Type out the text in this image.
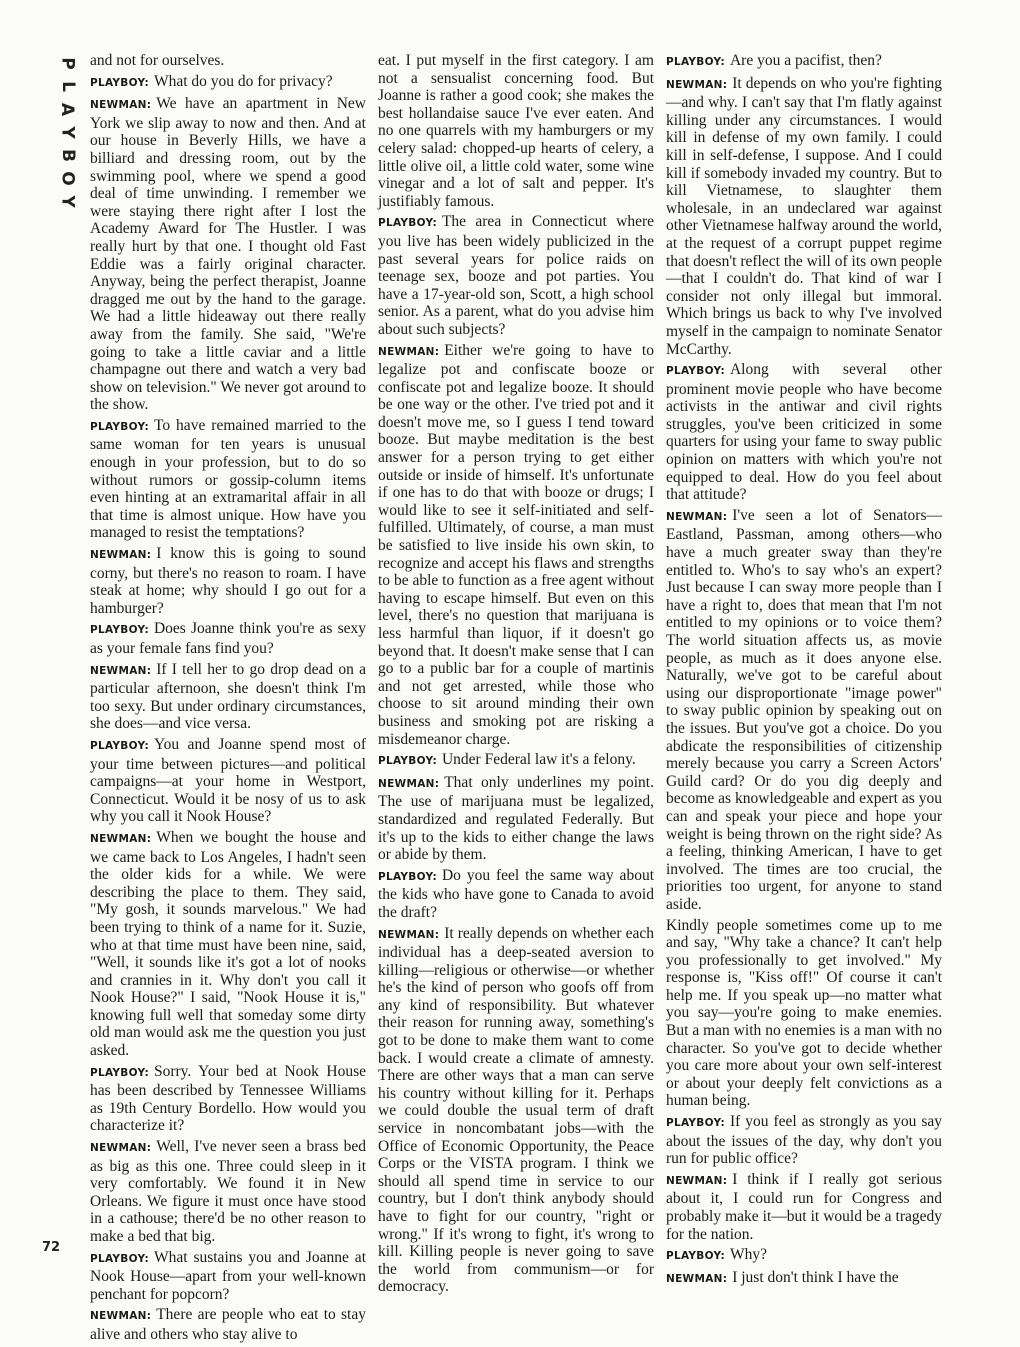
P
L
A
Y
B
O
Y
72

and not for ourselves.

PLAYBOY: What do you do for privacy?

NEWMAN: We have an apartment in New York we slip away to now and then. And at our house in Beverly Hills, we have a billiard and dressing room, out by the swimming pool, where we spend a good deal of time unwinding. I remember we were staying there right after I lost the Academy Award for The Hustler. I was really hurt by that one. I thought old Fast Eddie was a fairly original character. Anyway, being the perfect therapist, Joanne dragged me out by the hand to the garage. We had a little hideaway out there really away from the family. She said, "We're going to take a little caviar and a little champagne out there and watch a very bad show on television." We never got around to the show.

PLAYBOY: To have remained married to the same woman for ten years is unusual enough in your profession, but to do so without rumors or gossip-column items even hinting at an extramarital affair in all that time is almost unique. How have you managed to resist the temptations?

NEWMAN: I know this is going to sound corny, but there's no reason to roam. I have steak at home; why should I go out for a hamburger?

PLAYBOY: Does Joanne think you're as sexy as your female fans find you?

NEWMAN: If I tell her to go drop dead on a particular afternoon, she doesn't think I'm too sexy. But under ordinary circumstances, she does—and vice versa.

PLAYBOY: You and Joanne spend most of your time between pictures—and political campaigns—at your home in Westport, Connecticut. Would it be nosy of us to ask why you call it Nook House?

NEWMAN: When we bought the house and we came back to Los Angeles, I hadn't seen the older kids for a while. We were describing the place to them. They said, "My gosh, it sounds marvelous." We had been trying to think of a name for it. Suzie, who at that time must have been nine, said, "Well, it sounds like it's got a lot of nooks and crannies in it. Why don't you call it Nook House?" I said, "Nook House it is," knowing full well that someday some dirty old man would ask me the question you just asked.

PLAYBOY: Sorry. Your bed at Nook House has been described by Tennessee Williams as 19th Century Bordello. How would you characterize it?

NEWMAN: Well, I've never seen a brass bed as big as this one. Three could sleep in it very comfortably. We found it in New Orleans. We figure it must once have stood in a cathouse; there'd be no other reason to make a bed that big.

PLAYBOY: What sustains you and Joanne at Nook House—apart from your well-known penchant for popcorn?

NEWMAN: There are people who eat to stay alive and others who stay alive to

eat. I put myself in the first category. I am not a sensualist concerning food. But Joanne is rather a good cook; she makes the best hollandaise sauce I've ever eaten. And no one quarrels with my hamburgers or my celery salad: chopped-up hearts of celery, a little olive oil, a little cold water, some wine vinegar and a lot of salt and pepper. It's justifiably famous.

PLAYBOY: The area in Connecticut where you live has been widely publicized in the past several years for police raids on teenage sex, booze and pot parties. You have a 17-year-old son, Scott, a high school senior. As a parent, what do you advise him about such subjects?

NEWMAN: Either we're going to have to legalize pot and confiscate booze or confiscate pot and legalize booze. It should be one way or the other. I've tried pot and it doesn't move me, so I guess I tend toward booze. But maybe meditation is the best answer for a person trying to get either outside or inside of himself. It's unfortunate if one has to do that with booze or drugs; I would like to see it self-initiated and self-fulfilled. Ultimately, of course, a man must be satisfied to live inside his own skin, to recognize and accept his flaws and strengths to be able to function as a free agent without having to escape himself. But even on this level, there's no question that marijuana is less harmful than liquor, if it doesn't go beyond that. It doesn't make sense that I can go to a public bar for a couple of martinis and not get arrested, while those who choose to sit around minding their own business and smoking pot are risking a misdemeanor charge.

PLAYBOY: Under Federal law it's a felony.

NEWMAN: That only underlines my point. The use of marijuana must be legalized, standardized and regulated Federally. But it's up to the kids to either change the laws or abide by them.

PLAYBOY: Do you feel the same way about the kids who have gone to Canada to avoid the draft?

NEWMAN: It really depends on whether each individual has a deep-seated aversion to killing—religious or otherwise—or whether he's the kind of person who goofs off from any kind of responsibility. But whatever their reason for running away, something's got to be done to make them want to come back. I would create a climate of amnesty. There are other ways that a man can serve his country without killing for it. Perhaps we could double the usual term of draft service in noncombatant jobs—with the Office of Economic Opportunity, the Peace Corps or the VISTA program. I think we should all spend time in service to our country, but I don't think anybody should have to fight for our country, "right or wrong." If it's wrong to fight, it's wrong to kill. Killing people is never going to save the world from communism—or for democracy.

PLAYBOY: Are you a pacifist, then?

NEWMAN: It depends on who you're fighting—and why. I can't say that I'm flatly against killing under any circumstances. I would kill in defense of my own family. I could kill in self-defense, I suppose. And I could kill if somebody invaded my country. But to kill Vietnamese, to slaughter them wholesale, in an undeclared war against other Vietnamese halfway around the world, at the request of a corrupt puppet regime that doesn't reflect the will of its own people—that I couldn't do. That kind of war I consider not only illegal but immoral. Which brings us back to why I've involved myself in the campaign to nominate Senator McCarthy.

PLAYBOY: Along with several other prominent movie people who have become activists in the antiwar and civil rights struggles, you've been criticized in some quarters for using your fame to sway public opinion on matters with which you're not equipped to deal. How do you feel about that attitude?

NEWMAN: I've seen a lot of Senators—Eastland, Passman, among others—who have a much greater sway than they're entitled to. Who's to say who's an expert? Just because I can sway more people than I have a right to, does that mean that I'm not entitled to my opinions or to voice them? The world situation affects us, as movie people, as much as it does anyone else. Naturally, we've got to be careful about using our disproportionate "image power" to sway public opinion by speaking out on the issues. But you've got a choice. Do you abdicate the responsibilities of citizenship merely because you carry a Screen Actors' Guild card? Or do you dig deeply and become as knowledgeable and expert as you can and speak your piece and hope your weight is being thrown on the right side? As a feeling, thinking American, I have to get involved. The times are too crucial, the priorities too urgent, for anyone to stand aside.

Kindly people sometimes come up to me and say, "Why take a chance? It can't help you professionally to get involved." My response is, "Kiss off!" Of course it can't help me. If you speak up—no matter what you say—you're going to make enemies. But a man with no enemies is a man with no character. So you've got to decide whether you care more about your own self-interest or about your deeply felt convictions as a human being.

PLAYBOY: If you feel as strongly as you say about the issues of the day, why don't you run for public office?

NEWMAN: I think if I really got serious about it, I could run for Congress and probably make it—but it would be a tragedy for the nation.

PLAYBOY: Why?

NEWMAN: I just don't think I have the
